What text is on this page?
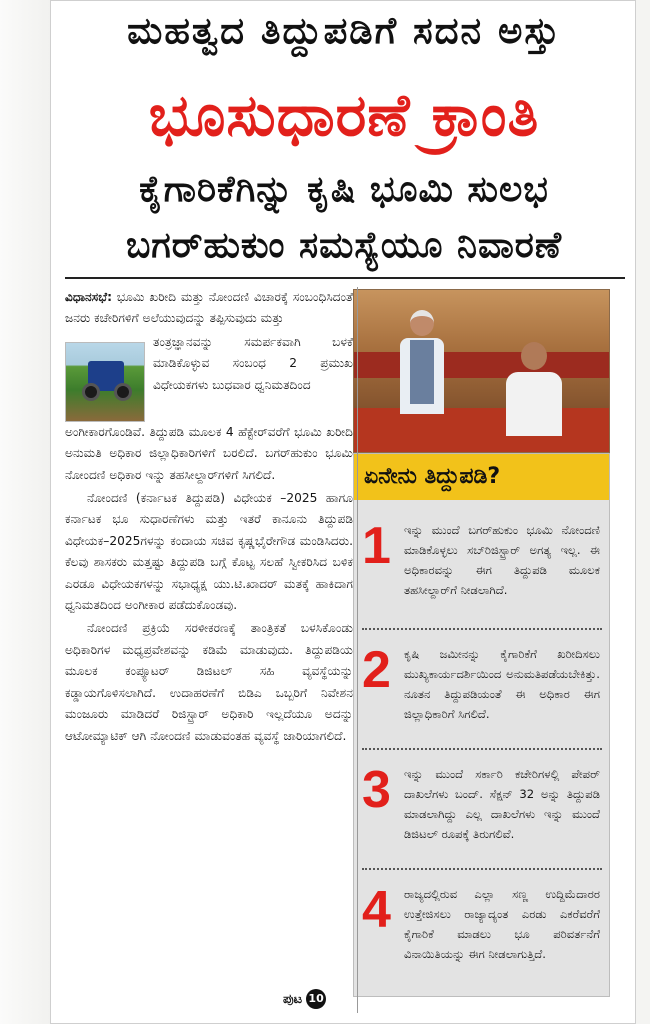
ಮಹತ್ವದ ತಿದ್ದುಪಡಿಗೆ ಸದನ ಅಸ್ತು
ಭೂಸುಧಾರಣೆ ಕ್ರಾಂತಿ
ಕೈಗಾರಿಕೆಗಿನ್ನು ಕೃಷಿ ಭೂಮಿ ಸುಲಭ
ಬಗರ್‌ಹುಕುಂ ಸಮಸ್ಯೆಯೂ ನಿವಾರಣೆ

ವಿಧಾನಸಭೆ: ಭೂಮಿ ಖರೀದಿ ಮತ್ತು ನೋಂದಣಿ ವಿಚಾರಕ್ಕೆ ಸಂಬಂಧಿಸಿದಂತೆ ಜನರು ಕಚೇರಿಗಳಿಗೆ ಅಲೆಯುವುದನ್ನು ತಪ್ಪಿಸುವುದು ಮತ್ತು

ತಂತ್ರಜ್ಞಾನವನ್ನು ಸಮರ್ಪಕವಾಗಿ ಬಳಕೆ ಮಾಡಿಕೊಳ್ಳುವ ಸಂಬಂಧ 2 ಪ್ರಮುಖ ವಿಧೇಯಕಗಳು ಬುಧವಾರ ಧ್ವನಿಮತದಿಂದ

ಅಂಗೀಕಾರಗೊಂಡಿವೆ. ತಿದ್ದುಪಡಿ ಮೂಲಕ 4 ಹೆಕ್ಟೇರ್‌ವರೆಗೆ ಭೂಮಿ ಖರೀದಿ ಅನುಮತಿ ಅಧಿಕಾರ ಜಿಲ್ಲಾಧಿಕಾರಿಗಳಿಗೆ ಬರಲಿದೆ. ಬಗರ್‌ಹುಕುಂ ಭೂಮಿ ನೋಂದಣಿ ಅಧಿಕಾರ ಇನ್ನು ತಹಸೀಲ್ದಾರ್‌ಗಳಿಗೆ ಸಿಗಲಿದೆ.

ನೋಂದಣಿ (ಕರ್ನಾಟಕ ತಿದ್ದುಪಡಿ) ವಿಧೇಯಕ –2025 ಹಾಗೂ ಕರ್ನಾಟಕ ಭೂ ಸುಧಾರಣೆಗಳು ಮತ್ತು ಇತರೆ ಕಾನೂನು ತಿದ್ದುಪಡಿ ವಿಧೇಯಕ–2025ಗಳನ್ನು ಕಂದಾಯ ಸಚಿವ ಕೃಷ್ಣಭೈರೇಗೌಡ ಮಂಡಿಸಿದರು. ಕೆಲವು ಶಾಸಕರು ಮತ್ತಷ್ಟು ತಿದ್ದುಪಡಿ ಬಗ್ಗೆ ಕೊಟ್ಟ ಸಲಹೆ ಸ್ವೀಕರಿಸಿದ ಬಳಿಕ ಎರಡೂ ವಿಧೇಯಕಗಳನ್ನು ಸಭಾಧ್ಯಕ್ಷ ಯು.ಟಿ.ಖಾದರ್ ಮತಕ್ಕೆ ಹಾಕಿದಾಗ ಧ್ವನಿಮತದಿಂದ ಅಂಗೀಕಾರ ಪಡೆದುಕೊಂಡವು.

ನೋಂದಣಿ ಪ್ರಕ್ರಿಯೆ ಸರಳೀಕರಣಕ್ಕೆ ತಾಂತ್ರಿಕತೆ ಬಳಸಿಕೊಂಡು ಅಧಿಕಾರಿಗಳ ಮಧ್ಯಪ್ರವೇಶವನ್ನು ಕಡಿಮೆ ಮಾಡುವುದು. ತಿದ್ದುಪಡಿಯ ಮೂಲಕ ಕಂಪ್ಯೂಟರ್ ಡಿಜಿಟಲ್ ಸಹಿ ವ್ಯವಸ್ಥೆಯನ್ನು ಕಡ್ಡಾಯಗೊಳಿಸಲಾಗಿದೆ. ಉದಾಹರಣೆಗೆ ಬಿಡಿಎ ಒಬ್ಬರಿಗೆ ನಿವೇಶನ ಮಂಜೂರು ಮಾಡಿದರೆ ರಿಜಿಸ್ಟ್ರಾರ್ ಅಧಿಕಾರಿ ಇಲ್ಲದೆಯೂ ಅದನ್ನು ಆಟೋಮ್ಯಾಟಿಕ್ ಆಗಿ ನೋಂದಣಿ ಮಾಡುವಂತಹ ವ್ಯವಸ್ಥೆ ಜಾರಿಯಾಗಲಿದೆ.

ಪುಟ 10
ಏನೇನು ತಿದ್ದುಪಡಿ?
1 ಇನ್ನು ಮುಂದೆ ಬಗರ್‌ಹುಕುಂ ಭೂಮಿ ನೋಂದಣಿ ಮಾಡಿಕೊಳ್ಳಲು ಸಬ್‌ರಿಜಿಸ್ಟ್ರಾರ್ ಅಗತ್ಯ ಇಲ್ಲ. ಈ ಅಧಿಕಾರವನ್ನು ಈಗ ತಿದ್ದುಪಡಿ ಮೂಲಕ ತಹಸೀಲ್ದಾರ್‌ಗೆ ನೀಡಲಾಗಿದೆ.
2 ಕೃಷಿ ಜಮೀನನ್ನು ಕೈಗಾರಿಕೆಗೆ ಖರೀದಿಸಲು ಮುಖ್ಯಕಾರ್ಯದರ್ಶಿಯಿಂದ ಅನುಮತಿಪಡೆಯಬೇಕಿತ್ತು. ನೂತನ ತಿದ್ದುಪಡಿಯಂತೆ ಈ ಅಧಿಕಾರ ಈಗ ಜಿಲ್ಲಾಧಿಕಾರಿಗೆ ಸಿಗಲಿದೆ.
3 ಇನ್ನು ಮುಂದೆ ಸರ್ಕಾರಿ ಕಚೇರಿಗಳಲ್ಲಿ ಪೇಪರ್ ದಾಖಲೆಗಳು ಬಂದ್. ಸೆಕ್ಷನ್ 32 ಅನ್ನು ತಿದ್ದುಪಡಿ ಮಾಡಲಾಗಿದ್ದು ಎಲ್ಲ ದಾಖಲೆಗಳು ಇನ್ನು ಮುಂದೆ ಡಿಜಿಟಲ್ ರೂಪಕ್ಕೆ ತಿರುಗಲಿವೆ.
4 ರಾಜ್ಯದಲ್ಲಿರುವ ಎಲ್ಲಾ ಸಣ್ಣ ಉದ್ದಿಮೆದಾರರ ಉತ್ತೇಜಿಸಲು ರಾಜ್ಯಾದ್ಯಂತ ಎರಡು ಎಕರೆವರೆಗೆ ಕೈಗಾರಿಕೆ ಮಾಡಲು ಭೂ ಪರಿವರ್ತನೆಗೆ ವಿನಾಯಿತಿಯನ್ನು ಈಗ ನೀಡಲಾಗುತ್ತಿದೆ.
